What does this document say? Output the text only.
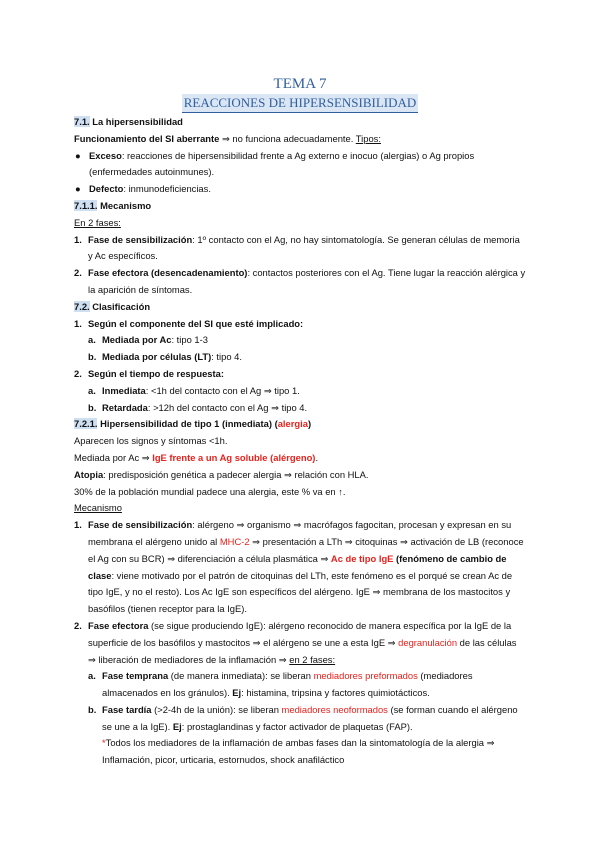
TEMA 7
REACCIONES DE HIPERSENSIBILIDAD

7.1. La hipersensibilidad

Funcionamiento del SI aberrante ⇒ no funciona adecuadamente. Tipos:

● Exceso: reacciones de hipersensibilidad frente a Ag externo e inocuo (alergias) o Ag propios (enfermedades autoinmunes).
● Defecto: inmunodeficiencias.

7.1.1. Mecanismo

En 2 fases:

1. Fase de sensibilización: 1º contacto con el Ag, no hay sintomatología. Se generan células de memoria y Ac específicos.
2. Fase efectora (desencadenamiento): contactos posteriores con el Ag. Tiene lugar la reacción alérgica y la aparición de síntomas.

7.2. Clasificación

1. Según el componente del SI que esté implicado:
a. Mediada por Ac: tipo 1-3
b. Mediada por células (LT): tipo 4.
2. Según el tiempo de respuesta:
a. Inmediata: <1h del contacto con el Ag ⇒ tipo 1.
b. Retardada: >12h del contacto con el Ag ⇒ tipo 4.

7.2.1. Hipersensibilidad de tipo 1 (inmediata) (alergia)

Aparecen los signos y síntomas <1h.

Mediada por Ac ⇒ IgE frente a un Ag soluble (alérgeno).

Atopia: predisposición genética a padecer alergia ⇒ relación con HLA.

30% de la población mundial padece una alergia, este % va en ↑.

Mecanismo

1. Fase de sensibilización: alérgeno ⇒ organismo ⇒ macrófagos fagocitan, procesan y expresan en su membrana el alérgeno unido al MHC-2 ⇒ presentación a LTh ⇒ citoquinas ⇒ activación de LB (reconoce el Ag con su BCR) ⇒ diferenciación a célula plasmática ⇒ Ac de tipo IgE (fenómeno de cambio de clase: viene motivado por el patrón de citoquinas del LTh, este fenómeno es el porqué se crean Ac de tipo IgE, y no el resto). Los Ac IgE son específicos del alérgeno. IgE ⇒ membrana de los mastocitos y basófilos (tienen receptor para la IgE).
2. Fase efectora (se sigue produciendo IgE): alérgeno reconocido de manera específica por la IgE de la superficie de los basófilos y mastocitos ⇒ el alérgeno se une a esta IgE ⇒ degranulación de las células ⇒ liberación de mediadores de la inflamación ⇒ en 2 fases:
a. Fase temprana (de manera inmediata): se liberan mediadores preformados (mediadores almacenados en los gránulos). Ej: histamina, tripsina y factores quimiotácticos.
b. Fase tardía (>2-4h de la unión): se liberan mediadores neoformados (se forman cuando el alérgeno se une a la IgE). Ej: prostaglandinas y factor activador de plaquetas (FAP).

*Todos los mediadores de la inflamación de ambas fases dan la sintomatología de la alergia ⇒ Inflamación, picor, urticaria, estornudos, shock anafiláctico
